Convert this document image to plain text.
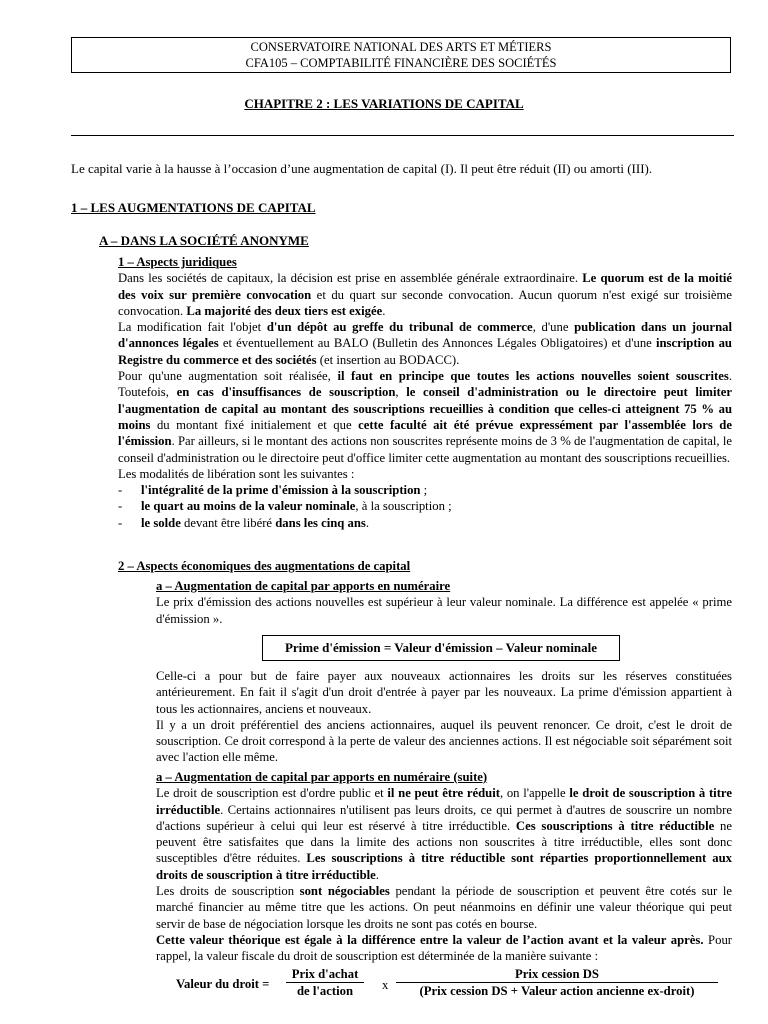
CONSERVATOIRE NATIONAL DES ARTS ET MÉTIERS
CFA105 – COMPTABILITÉ FINANCIÈRE DES SOCIÉTÉS
CHAPITRE 2 : LES VARIATIONS DE CAPITAL
Le capital varie à la hausse à l’occasion d’une augmentation de capital (I). Il peut être réduit (II) ou amorti (III).
1 – LES AUGMENTATIONS DE CAPITAL
A – DANS LA SOCIÉTÉ ANONYME
1 – Aspects juridiques

Dans les sociétés de capitaux, la décision est prise en assemblée générale extraordinaire. Le quorum est de la moitié des voix sur première convocation et du quart sur seconde convocation. Aucun quorum n'est exigé sur troisième convocation. La majorité des deux tiers est exigée.

La modification fait l'objet d'un dépôt au greffe du tribunal de commerce, d'une publication dans un journal d'annonces légales et éventuellement au BALO (Bulletin des Annonces Légales Obligatoires) et d'une inscription au Registre du commerce et des sociétés (et insertion au BODACC).

Pour qu'une augmentation soit réalisée, il faut en principe que toutes les actions nouvelles soient souscrites. Toutefois, en cas d'insuffisances de souscription, le conseil d'administration ou le directoire peut limiter l'augmentation de capital au montant des souscriptions recueillies à condition que celles-ci atteignent 75 % au moins du montant fixé initialement et que cette faculté ait été prévue expressément par l'assemblée lors de l'émission. Par ailleurs, si le montant des actions non souscrites représente moins de 3 % de l'augmentation de capital, le conseil d'administration ou le directoire peut d'office limiter cette augmentation au montant des souscriptions recueillies.

Les modalités de libération sont les suivantes :

- l'intégralité de la prime d'émission à la souscription ;
- le quart au moins de la valeur nominale, à la souscription ;
- le solde devant être libéré dans les cinq ans.
2 – Aspects économiques des augmentations de capital
a – Augmentation de capital par apports en numéraire

Le prix d'émission des actions nouvelles est supérieur à leur valeur nominale. La différence est appelée « prime d'émission ».

Prime d'émission = Valeur d'émission – Valeur nominale

Celle-ci a pour but de faire payer aux nouveaux actionnaires les droits sur les réserves constituées antérieurement. En fait il s'agit d'un droit d'entrée à payer par les nouveaux. La prime d'émission appartient à tous les actionnaires, anciens et nouveaux.

Il y a un droit préférentiel des anciens actionnaires, auquel ils peuvent renoncer. Ce droit, c'est le droit de souscription. Ce droit correspond à la perte de valeur des anciennes actions. Il est négociable soit séparément soit avec l'action elle même.

a – Augmentation de capital par apports en numéraire (suite)

Le droit de souscription est d'ordre public et il ne peut être réduit, on l'appelle le droit de souscription à titre irréductible. Certains actionnaires n'utilisent pas leurs droits, ce qui permet à d'autres de souscrire un nombre d'actions supérieur à celui qui leur est réservé à titre irréductible. Ces souscriptions à titre réductible ne peuvent être satisfaites que dans la limite des actions non souscrites à titre irréductible, elles sont donc susceptibles d'être réduites. Les souscriptions à titre réductible sont réparties proportionnellement aux droits de souscription à titre irréductible.

Les droits de souscription sont négociables pendant la période de souscription et peuvent être cotés sur le marché financier au même titre que les actions. On peut néanmoins en définir une valeur théorique qui peut servir de base de négociation lorsque les droits ne sont pas cotés en bourse.

Cette valeur théorique est égale à la différence entre la valeur de l’action avant et la valeur après. Pour rappel, la valeur fiscale du droit de souscription est déterminée de la manière suivante :

Valeur du droit =
Prix d'achat
de l'action	x
Prix cession DS
(Prix cession DS + Valeur action ancienne ex-droit)
